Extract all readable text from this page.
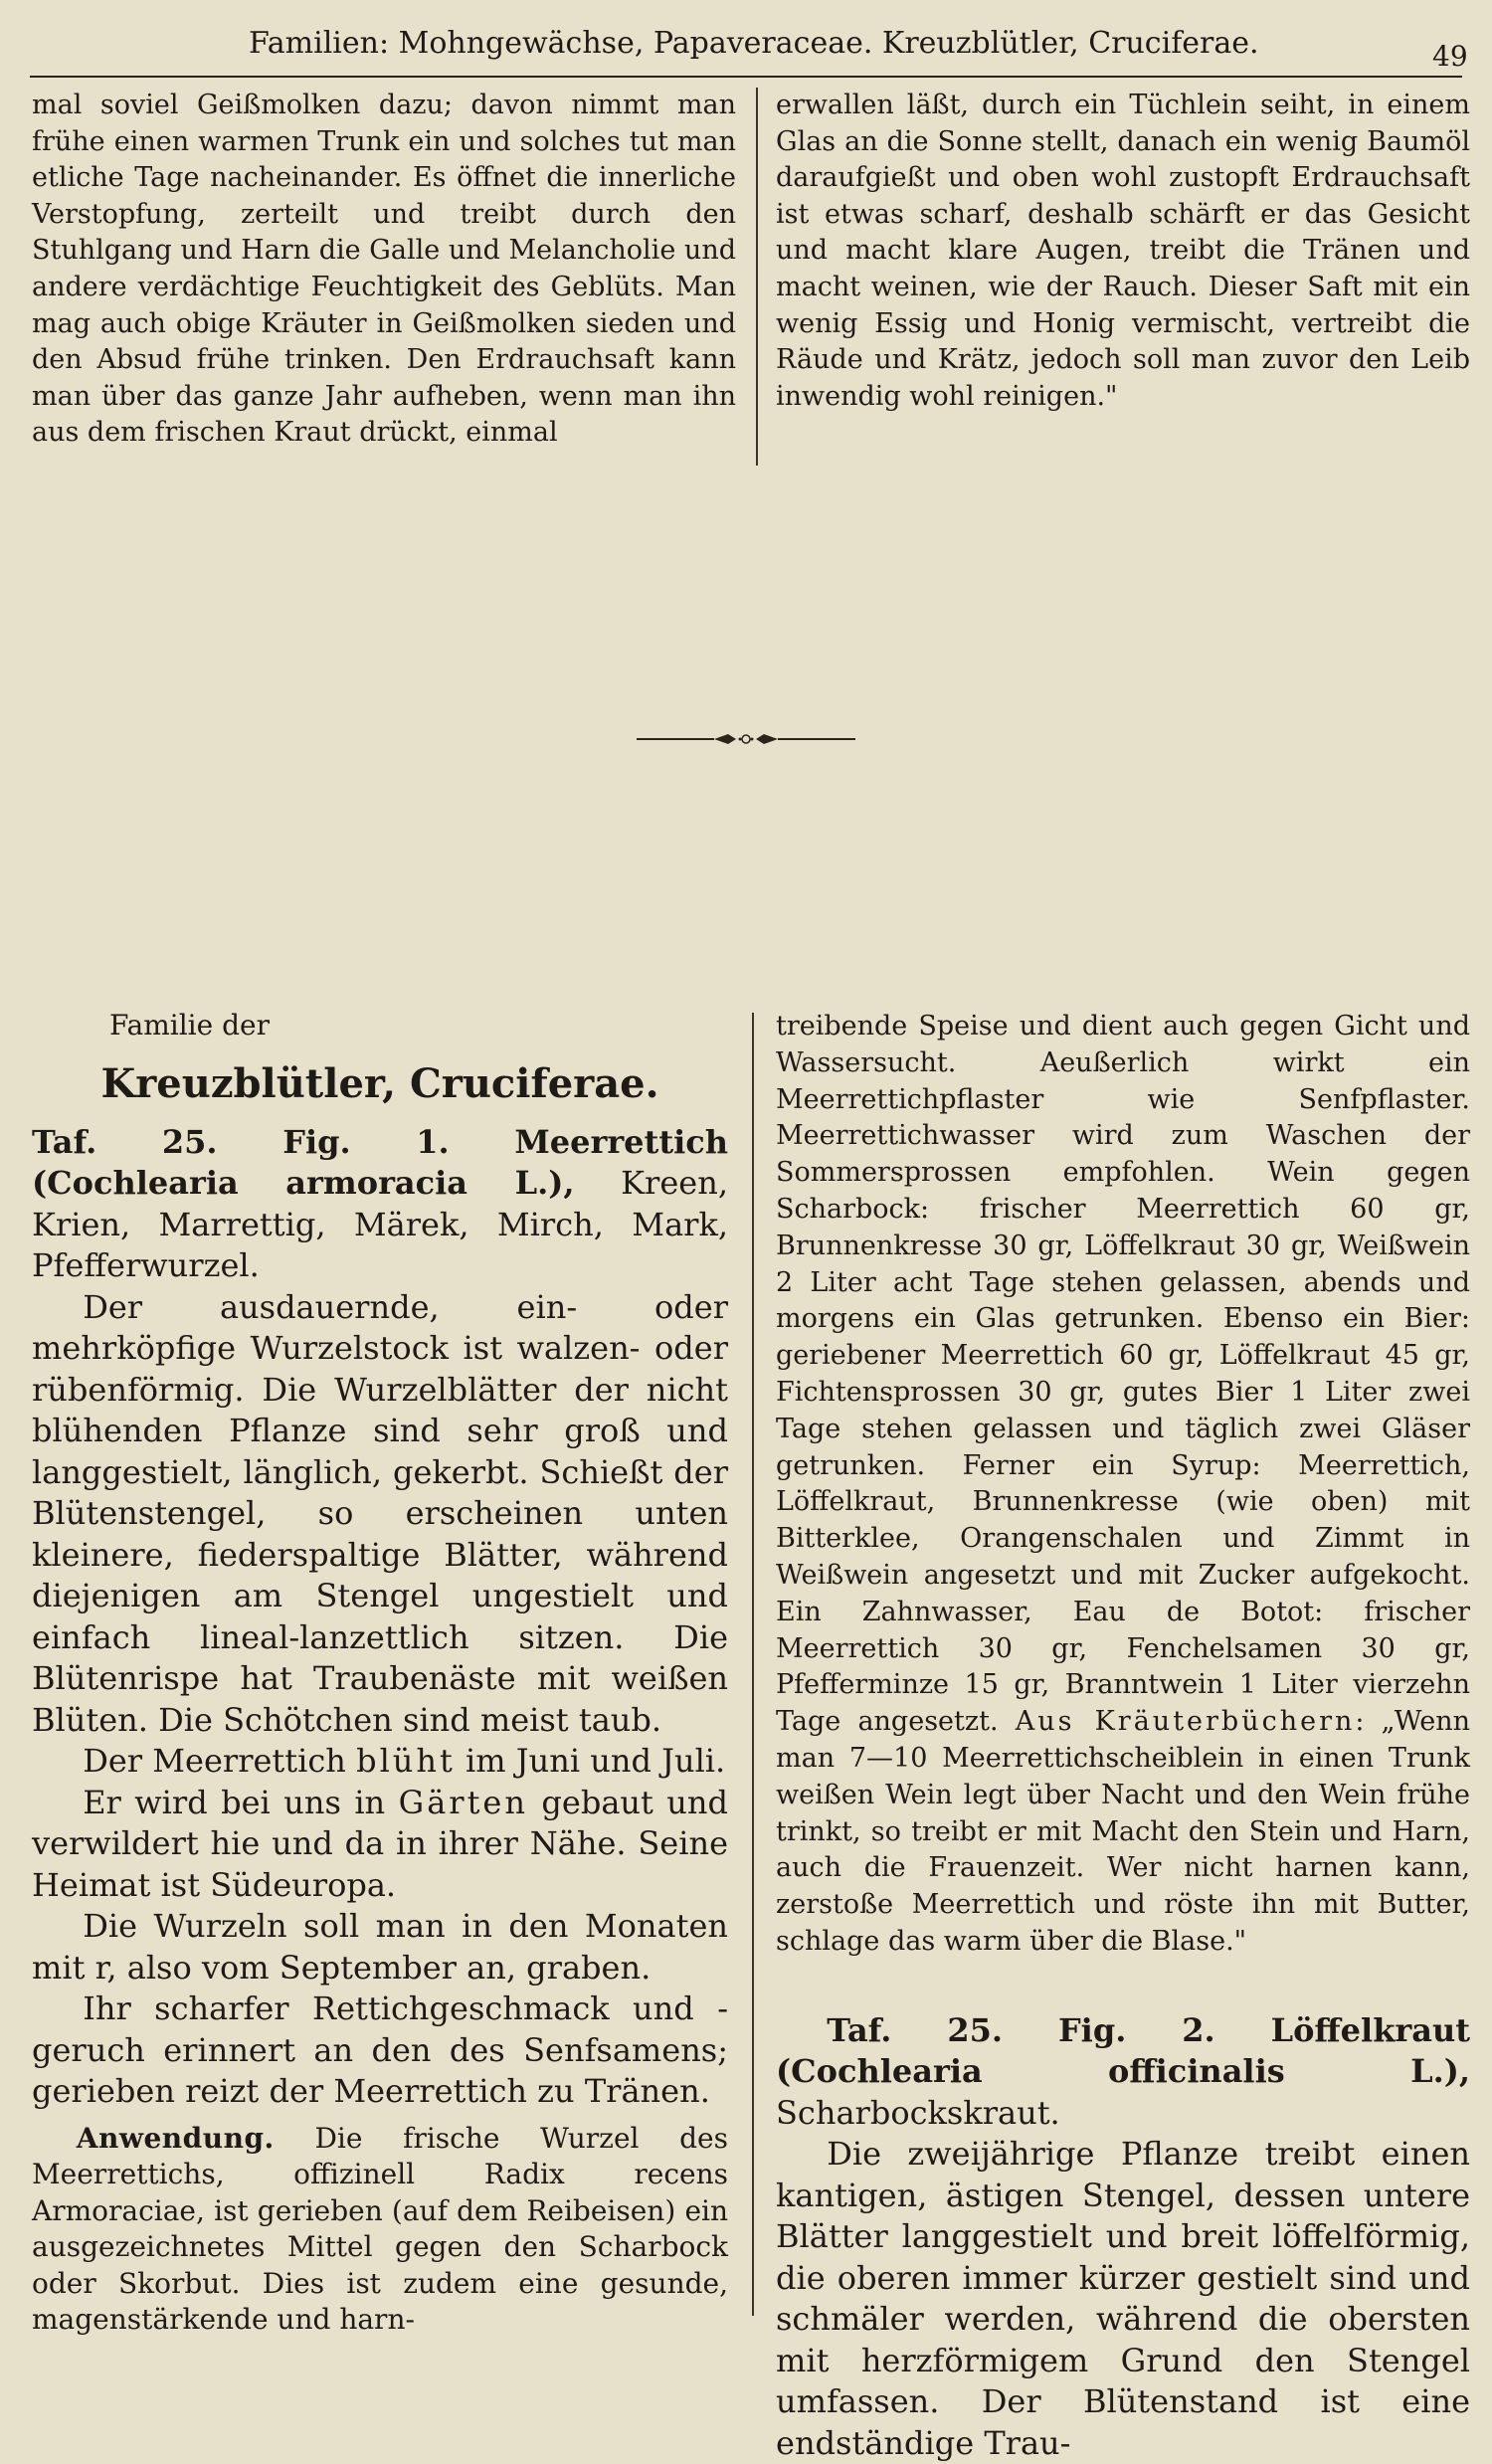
Familien: Mohngewächse, Papaveraceae. Kreuzblütler, Cruciferae.	49

mal soviel Geißmolken dazu; davon nimmt man frühe einen warmen Trunk ein und solches tut man etliche Tage nacheinander. Es öffnet die innerliche Verstopfung, zerteilt und treibt durch den Stuhlgang und Harn die Galle und Melancholie und andere verdächtige Feuchtigkeit des Geblüts. Man mag auch obige Kräuter in Geißmolken sieden und den Absud frühe trinken. Den Erdrauchsaft kann man über das ganze Jahr aufheben, wenn man ihn aus dem frischen Kraut drückt, einmal

erwallen läßt, durch ein Tüchlein seiht, in einem Glas an die Sonne stellt, danach ein wenig Baumöl daraufgießt und oben wohl zustopft Erdrauchsaft ist etwas scharf, deshalb schärft er das Gesicht und macht klare Augen, treibt die Tränen und macht weinen, wie der Rauch. Dieser Saft mit ein wenig Essig und Honig vermischt, vertreibt die Räude und Krätz, jedoch soll man zuvor den Leib inwendig wohl reinigen."

Familie der
Kreuzblütler, Cruciferae.

Taf. 25. Fig. 1. Meerrettich (Cochlearia armoracia L.), Kreen, Krien, Marrettig, Märek, Mirch, Mark, Pfefferwurzel.

Der ausdauernde, ein- oder mehrköpfige Wurzelstock ist walzen- oder rübenförmig. Die Wurzelblätter der nicht blühenden Pflanze sind sehr groß und langgestielt, länglich, gekerbt. Schießt der Blütenstengel, so erscheinen unten kleinere, fiederspaltige Blätter, während diejenigen am Stengel ungestielt und einfach lineal-lanzettlich sitzen. Die Blütenrispe hat Traubenäste mit weißen Blüten. Die Schötchen sind meist taub.

Der Meerrettich blüht im Juni und Juli.

Er wird bei uns in Gärten gebaut und verwildert hie und da in ihrer Nähe. Seine Heimat ist Südeuropa.

Die Wurzeln soll man in den Monaten mit r, also vom September an, graben.

Ihr scharfer Rettichgeschmack und -geruch erinnert an den des Senfsamens; gerieben reizt der Meerrettich zu Tränen.

Anwendung. Die frische Wurzel des Meerrettichs, offizinell Radix recens Armoraciae, ist gerieben (auf dem Reibeisen) ein ausgezeichnetes Mittel gegen den Scharbock oder Skorbut. Dies ist zudem eine gesunde, magenstärkende und harn-

treibende Speise und dient auch gegen Gicht und Wassersucht. Aeußerlich wirkt ein Meerrettichpflaster wie Senfpflaster. Meerrettichwasser wird zum Waschen der Sommersprossen empfohlen. Wein gegen Scharbock: frischer Meerrettich 60 gr, Brunnenkresse 30 gr, Löffelkraut 30 gr, Weißwein 2 Liter acht Tage stehen gelassen, abends und morgens ein Glas getrunken. Ebenso ein Bier: geriebener Meerrettich 60 gr, Löffelkraut 45 gr, Fichtensprossen 30 gr, gutes Bier 1 Liter zwei Tage stehen gelassen und täglich zwei Gläser getrunken. Ferner ein Syrup: Meerrettich, Löffelkraut, Brunnenkresse (wie oben) mit Bitterklee, Orangenschalen und Zimmt in Weißwein angesetzt und mit Zucker aufgekocht. Ein Zahnwasser, Eau de Botot: frischer Meerrettich 30 gr, Fenchelsamen 30 gr, Pfefferminze 15 gr, Branntwein 1 Liter vierzehn Tage angesetzt. Aus Kräuterbüchern: „Wenn man 7—10 Meerrettichscheiblein in einen Trunk weißen Wein legt über Nacht und den Wein frühe trinkt, so treibt er mit Macht den Stein und Harn, auch die Frauenzeit. Wer nicht harnen kann, zerstoße Meerrettich und röste ihn mit Butter, schlage das warm über die Blase."

Taf. 25. Fig. 2. Löffelkraut (Cochlearia officinalis L.), Scharbockskraut.

Die zweijährige Pflanze treibt einen kantigen, ästigen Stengel, dessen untere Blätter langgestielt und breit löffelförmig, die oberen immer kürzer gestielt sind und schmäler werden, während die obersten mit herzförmigem Grund den Stengel umfassen. Der Blütenstand ist eine endständige Trau-
